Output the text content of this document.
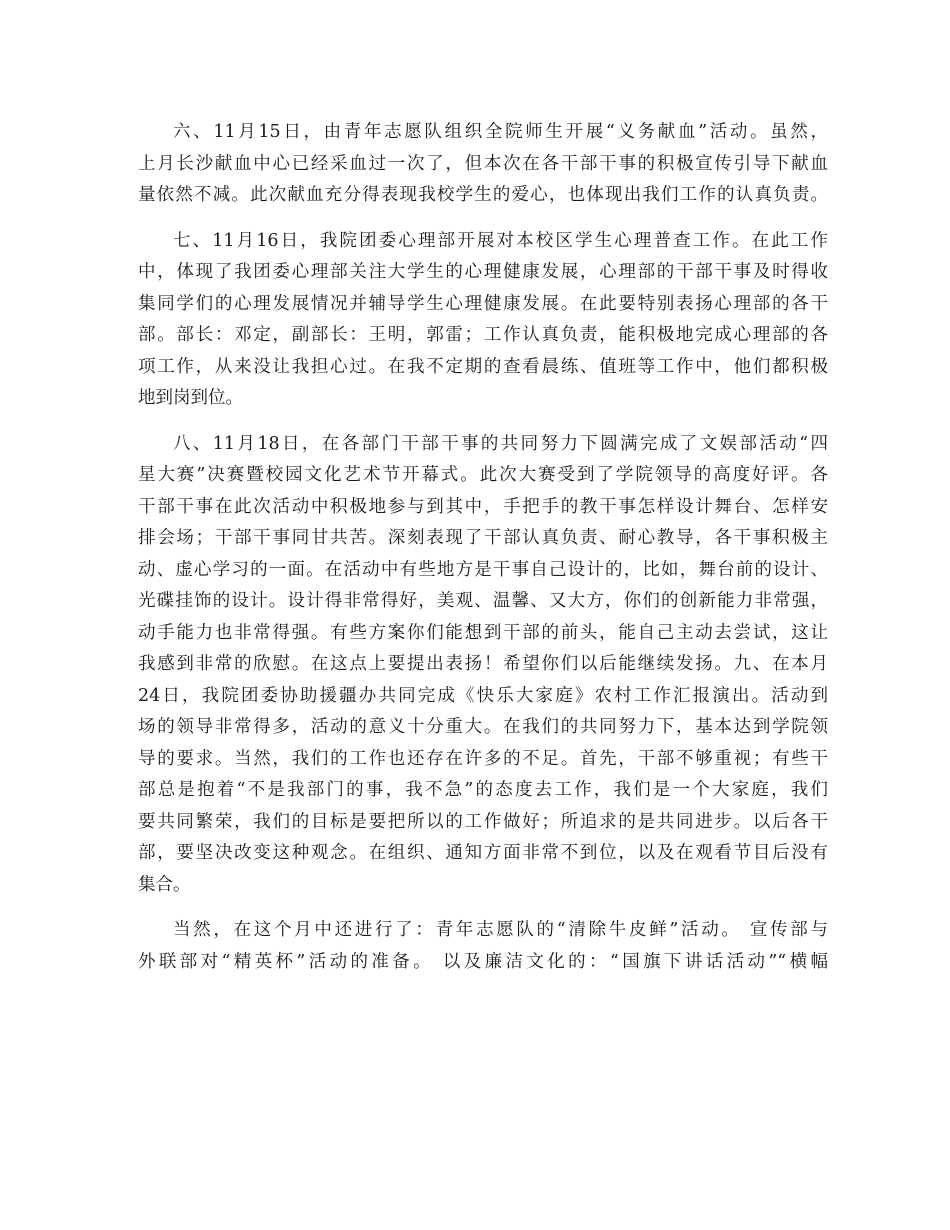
六、11月15日，由青年志愿队组织全院师生开展“义务献血”活动。虽然，
上月长沙献血中心已经采血过一次了，但本次在各干部干事的积极宣传引导下献血
量依然不减。此次献血充分得表现我校学生的爱心，也体现出我们工作的认真负责。
七、11月16日，我院团委心理部开展对本校区学生心理普查工作。在此工作
中，体现了我团委心理部关注大学生的心理健康发展，心理部的干部干事及时得收
集同学们的心理发展情况并辅导学生心理健康发展。在此要特别表扬心理部的各干
部。部长：邓定，副部长：王明，郭雷；工作认真负责，能积极地完成心理部的各
项工作，从来没让我担心过。在我不定期的查看晨练、值班等工作中，他们都积极
地到岗到位。
八、11月18日，在各部门干部干事的共同努力下圆满完成了文娱部活动“四
星大赛”决赛暨校园文化艺术节开幕式。此次大赛受到了学院领导的高度好评。各
干部干事在此次活动中积极地参与到其中，手把手的教干事怎样设计舞台、怎样安
排会场；干部干事同甘共苦。深刻表现了干部认真负责、耐心教导，各干事积极主
动、虚心学习的一面。在活动中有些地方是干事自己设计的，比如，舞台前的设计、
光碟挂饰的设计。设计得非常得好，美观、温馨、又大方，你们的创新能力非常强，
动手能力也非常得强。有些方案你们能想到干部的前头，能自己主动去尝试，这让
我感到非常的欣慰。在这点上要提出表扬！希望你们以后能继续发扬。九、在本月
24日，我院团委协助援疆办共同完成《快乐大家庭》农村工作汇报演出。活动到
场的领导非常得多，活动的意义十分重大。在我们的共同努力下，基本达到学院领
导的要求。当然，我们的工作也还存在许多的不足。首先，干部不够重视；有些干
部总是抱着“不是我部门的事，我不急”的态度去工作，我们是一个大家庭，我们
要共同繁荣，我们的目标是要把所以的工作做好；所追求的是共同进步。以后各干
部，要坚决改变这种观念。在组织、通知方面非常不到位，以及在观看节目后没有
集合。
当然，在这个月中还进行了：青年志愿队的“清除牛皮鲜”活动。 宣传部与
外联部对“精英杯”活动的准备。 以及廉洁文化的：“国旗下讲话活动”“横幅
